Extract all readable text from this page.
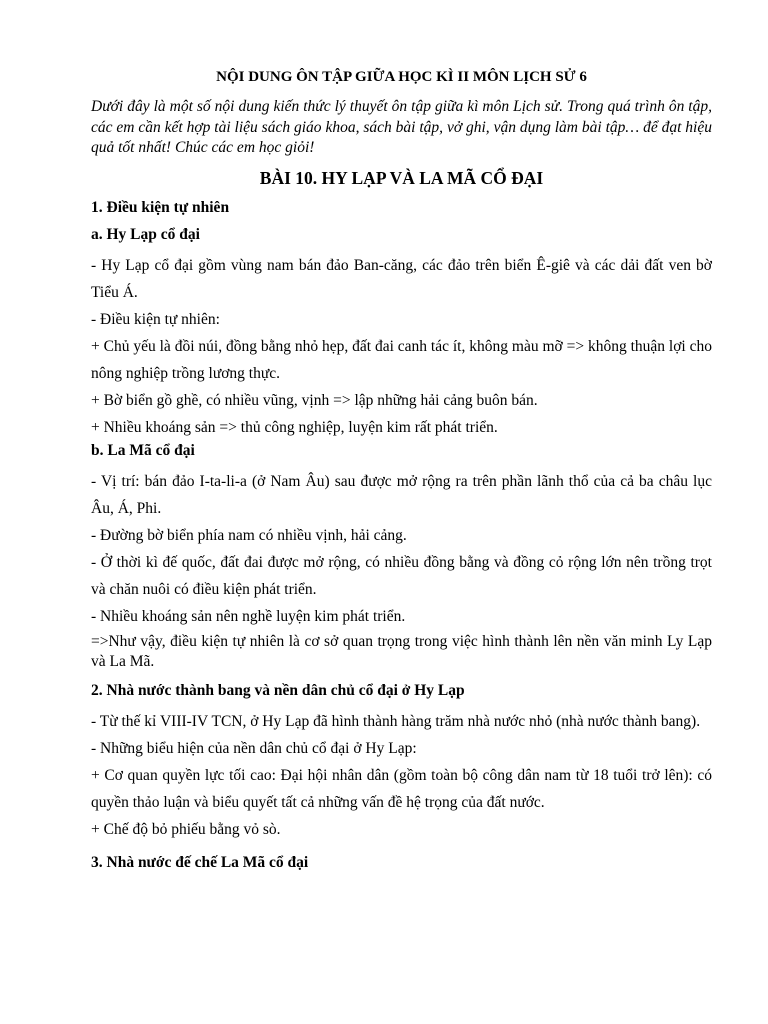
NỘI DUNG ÔN TẬP GIỮA HỌC KÌ II MÔN LỊCH SỬ 6
Dưới đây là một số nội dung kiến thức lý thuyết ôn tập giữa kì môn Lịch sử. Trong quá trình ôn tập, các em cần kết hợp tài liệu sách giáo khoa, sách bài tập, vở ghi, vận dụng làm bài tập… để đạt hiệu quả tốt nhất! Chúc các em học giỏi!
BÀI 10. HY LẠP VÀ LA MÃ CỔ ĐẠI
1. Điều kiện tự nhiên
a. Hy Lạp cổ đại
- Hy Lạp cổ đại gồm vùng nam bán đảo Ban-căng, các đảo trên biển Ê-giê và các dải đất ven bờ Tiểu Á.
- Điều kiện tự nhiên:
+ Chủ yếu là đồi núi, đồng bằng nhỏ hẹp, đất đai canh tác ít, không màu mỡ => không thuận lợi cho nông nghiệp trồng lương thực.
+ Bờ biển gồ ghề, có nhiều vũng, vịnh => lập những hải cảng buôn bán.
+ Nhiều khoáng sản => thủ công nghiệp, luyện kim rất phát triển.
b. La Mã cổ đại
- Vị trí: bán đảo I-ta-li-a (ở Nam Âu) sau được mở rộng ra trên phần lãnh thổ của cả ba châu lục Âu, Á, Phi.
- Đường bờ biển phía nam có nhiều vịnh, hải cảng.
- Ở thời kì đế quốc, đất đai được mở rộng, có nhiều đồng bằng và đồng cỏ rộng lớn nên trồng trọt và chăn nuôi có điều kiện phát triển.
- Nhiều khoáng sản nên nghề luyện kim phát triển.
=>Như vậy, điều kiện tự nhiên là cơ sở quan trọng trong việc hình thành lên nền văn minh Ly Lạp và La Mã.
2. Nhà nước thành bang và nền dân chủ cổ đại ở Hy Lạp
- Từ thế kỉ VIII-IV TCN, ở Hy Lạp đã hình thành hàng trăm nhà nước nhỏ (nhà nước thành bang).
- Những biểu hiện của nền dân chủ cổ đại ở Hy Lạp:
+ Cơ quan quyền lực tối cao: Đại hội nhân dân (gồm toàn bộ công dân nam từ 18 tuổi trở lên): có quyền thảo luận và biểu quyết tất cả những vấn đề hệ trọng của đất nước.
+ Chế độ bỏ phiếu bằng vỏ sò.
3. Nhà nước đế chế La Mã cổ đại
